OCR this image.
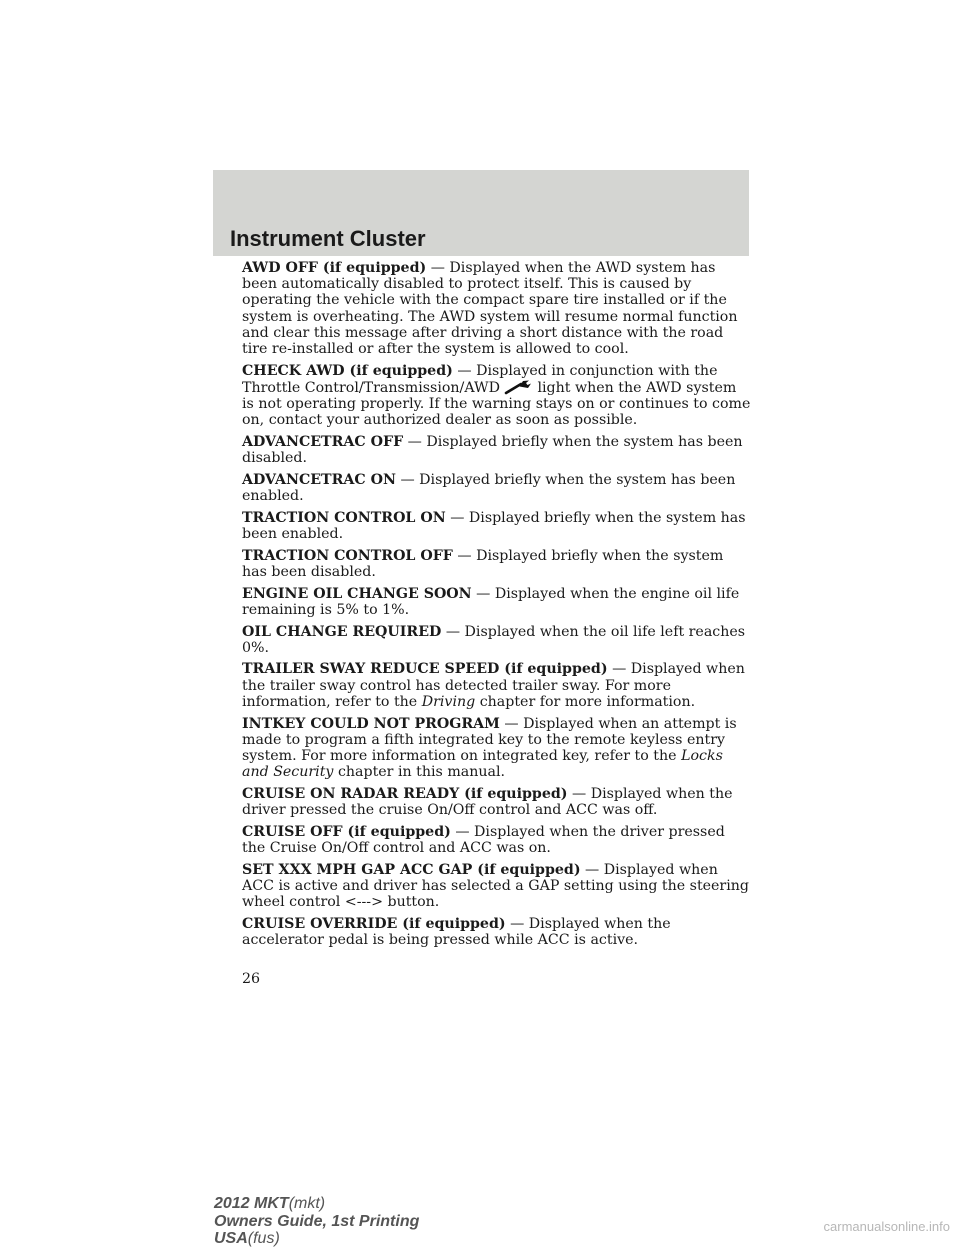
Instrument Cluster

AWD OFF (if equipped) — Displayed when the AWD system has been automatically disabled to protect itself. This is caused by operating the vehicle with the compact spare tire installed or if the system is overheating. The AWD system will resume normal function and clear this message after driving a short distance with the road tire re-installed or after the system is allowed to cool.

CHECK AWD (if equipped) — Displayed in conjunction with the Throttle Control/Transmission/AWD	light when the AWD system is not operating properly. If the warning stays on or continues to come on, contact your authorized dealer as soon as possible.

ADVANCETRAC OFF — Displayed briefly when the system has been disabled.

ADVANCETRAC ON — Displayed briefly when the system has been enabled.

TRACTION CONTROL ON — Displayed briefly when the system has been enabled.

TRACTION CONTROL OFF — Displayed briefly when the system has been disabled.

ENGINE OIL CHANGE SOON — Displayed when the engine oil life remaining is 5% to 1%.

OIL CHANGE REQUIRED — Displayed when the oil life left reaches 0%.

TRAILER SWAY REDUCE SPEED (if equipped) — Displayed when the trailer sway control has detected trailer sway. For more information, refer to the Driving chapter for more information.

INTKEY COULD NOT PROGRAM — Displayed when an attempt is made to program a fifth integrated key to the remote keyless entry system. For more information on integrated key, refer to the Locks and Security chapter in this manual.

CRUISE ON RADAR READY (if equipped) — Displayed when the driver pressed the cruise On/Off control and ACC was off.

CRUISE OFF (if equipped) — Displayed when the driver pressed the Cruise On/Off control and ACC was on.

SET XXX MPH GAP ACC GAP (if equipped) — Displayed when ACC is active and driver has selected a GAP setting using the steering wheel control <---> button.

CRUISE OVERRIDE (if equipped) — Displayed when the accelerator pedal is being pressed while ACC is active.

26
2012 MKT(mkt)
Owners Guide, 1st Printing
USA(fus)
carmanualsonline.info
